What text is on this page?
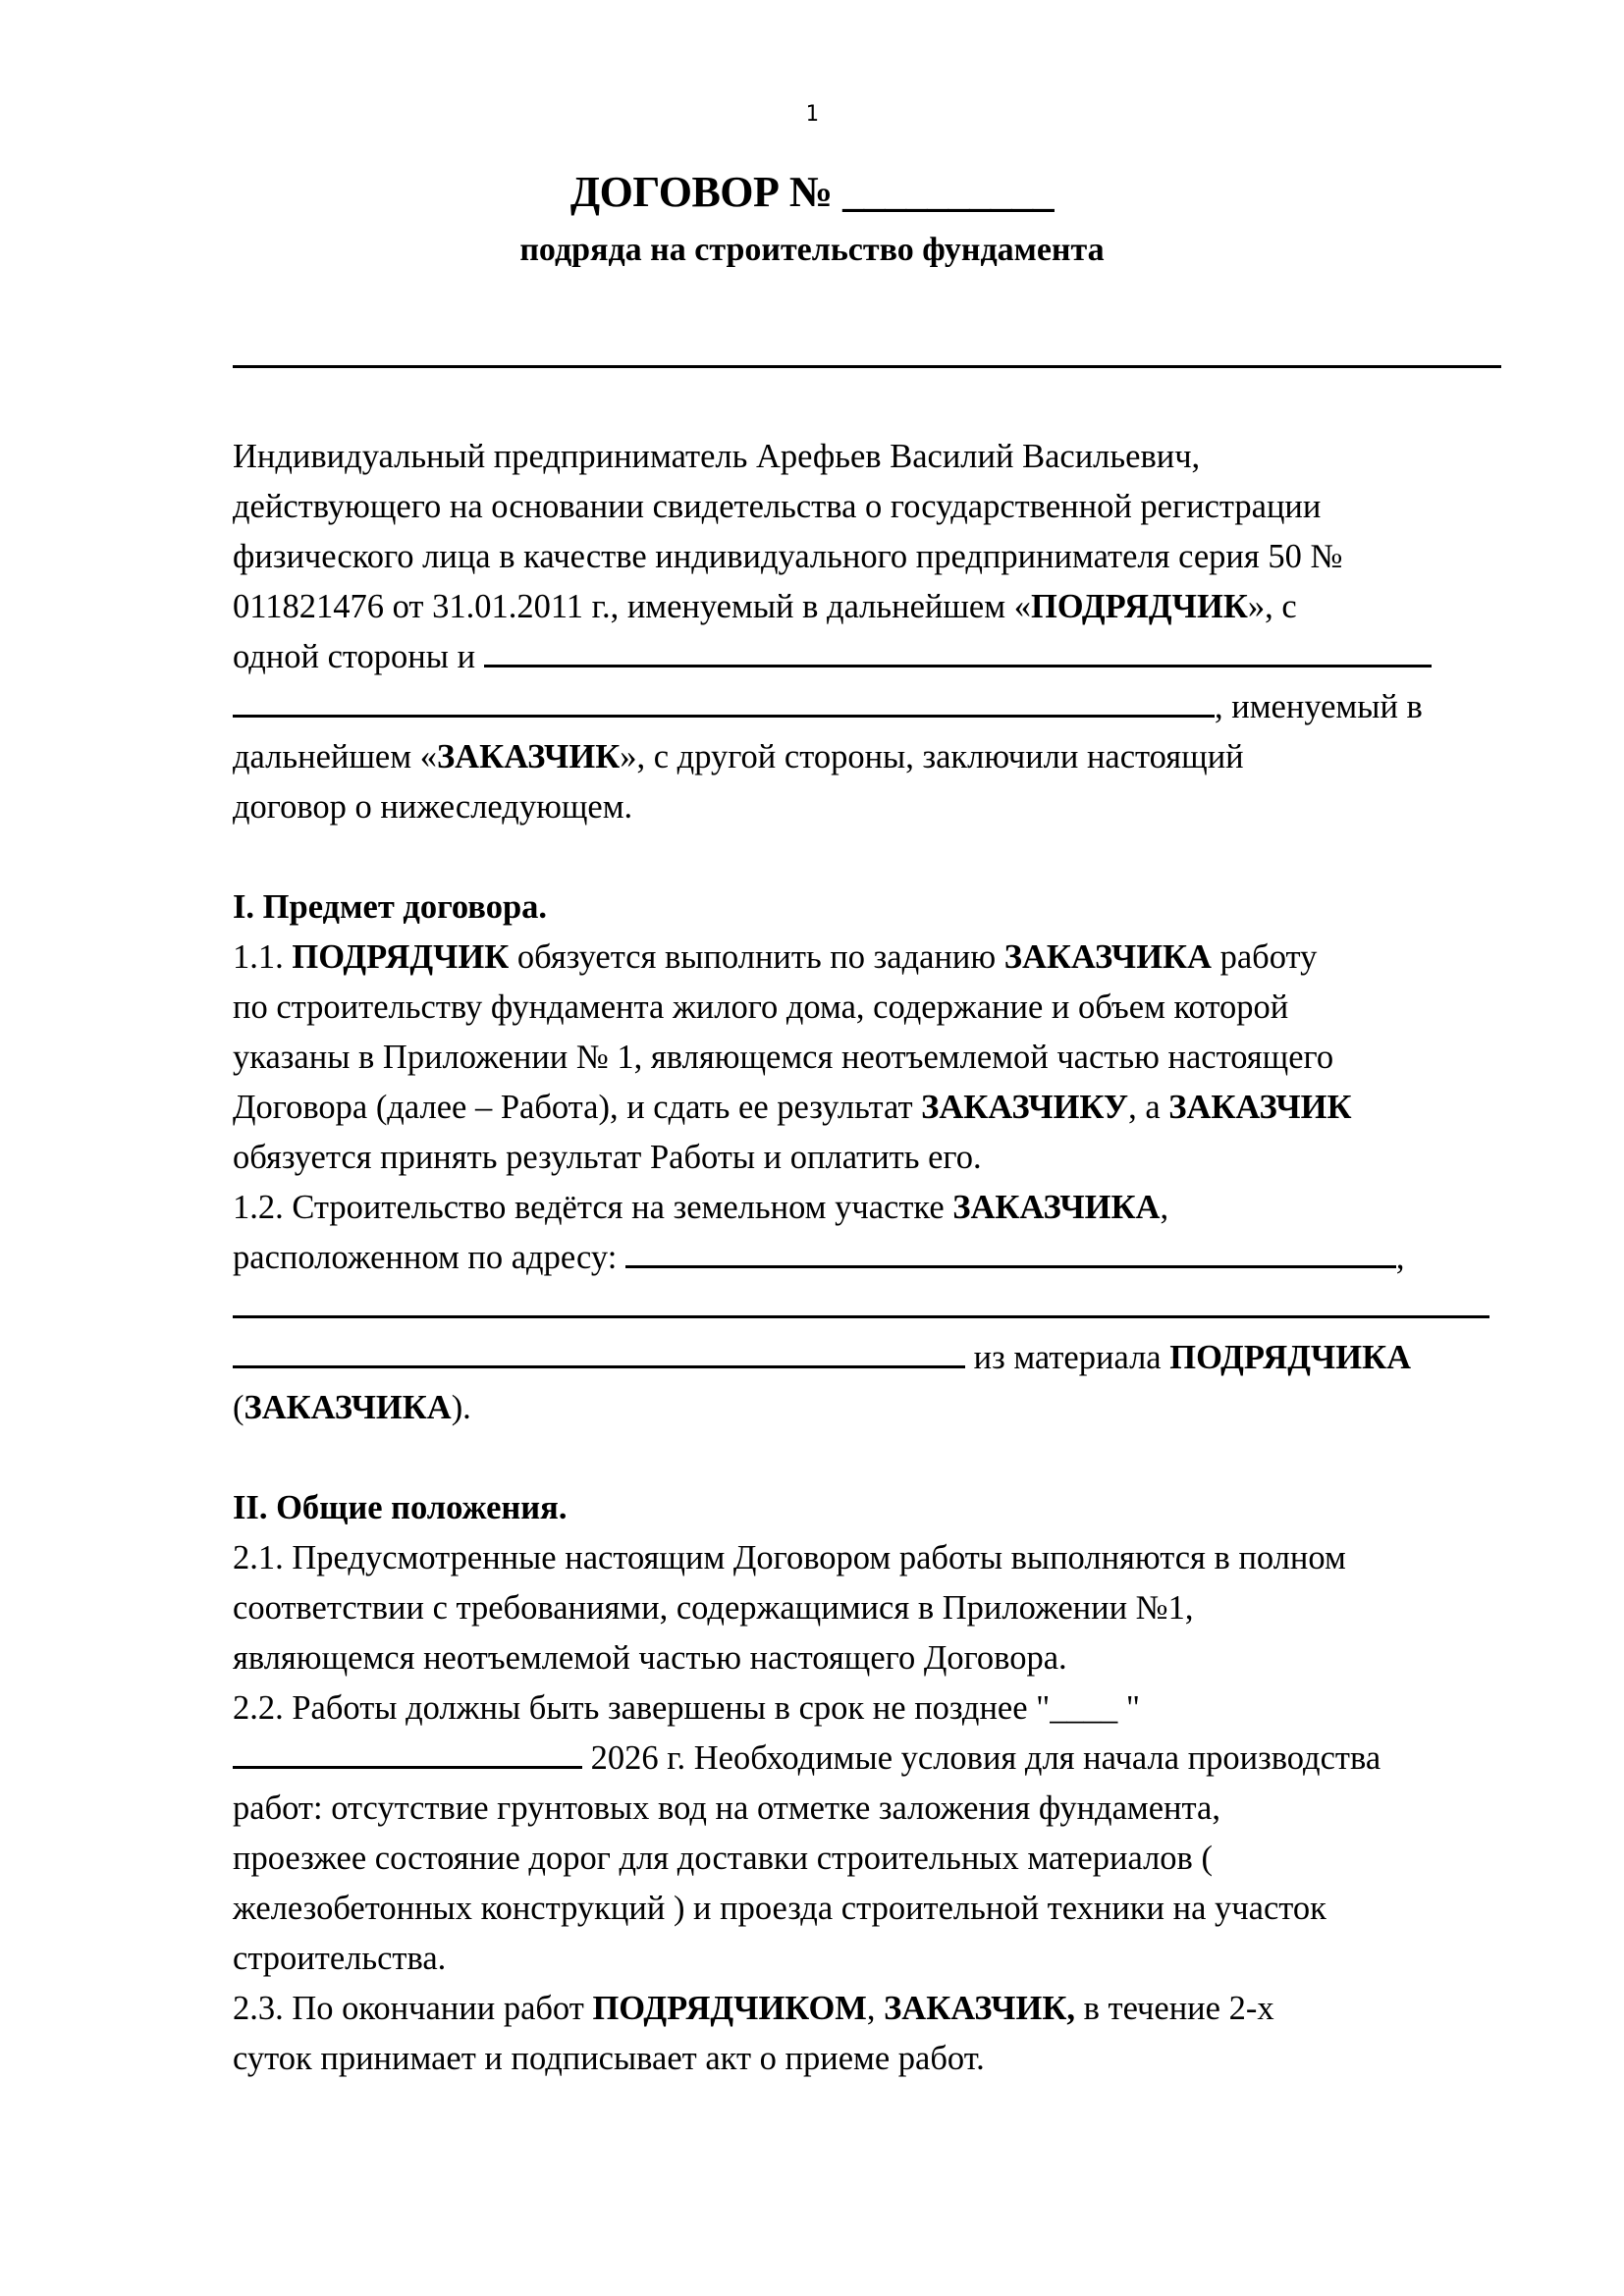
1
ДОГОВОР № __________
подряда на строительство фундамента
Индивидуальный предприниматель Арефьев Василий Васильевич,
действующего на основании свидетельства о государственной регистрации
физического лица в качестве индивидуального предпринимателя серия 50 №
011821476 от 31.01.2011 г., именуемый в дальнейшем «ПОДРЯДЧИК», с
одной стороны и
, именуемый в
дальнейшем «ЗАКАЗЧИК», с другой стороны, заключили настоящий
договор о нижеследующем.
I. Предмет договора.
1.1. ПОДРЯДЧИК обязуется выполнить по заданию ЗАКАЗЧИКА работу
по строительству фундамента жилого дома, содержание и объем которой
указаны в Приложении № 1, являющемся неотъемлемой частью настоящего
Договора (далее – Работа), и сдать ее результат ЗАКАЗЧИКУ, а ЗАКАЗЧИК
обязуется принять результат Работы и оплатить его.
1.2. Строительство ведётся на земельном участке ЗАКАЗЧИКА,
расположенном по адресу:	,
из материала ПОДРЯДЧИКА
(ЗАКАЗЧИКА).
II. Общие положения.
2.1. Предусмотренные настоящим Договором работы выполняются в полном
соответствии с требованиями, содержащимися в Приложении №1,
являющемся неотъемлемой частью настоящего Договора.
2.2. Работы должны быть завершены в срок не позднее "____ "
2026 г. Необходимые условия для начала производства
работ: отсутствие грунтовых вод на отметке заложения фундамента,
проезжее состояние дорог для доставки строительных материалов (
железобетонных конструкций ) и проезда строительной техники на участок
строительства.
2.3. По окончании работ ПОДРЯДЧИКОМ, ЗАКАЗЧИК, в течение 2-х
суток принимает и подписывает акт о приеме работ.
